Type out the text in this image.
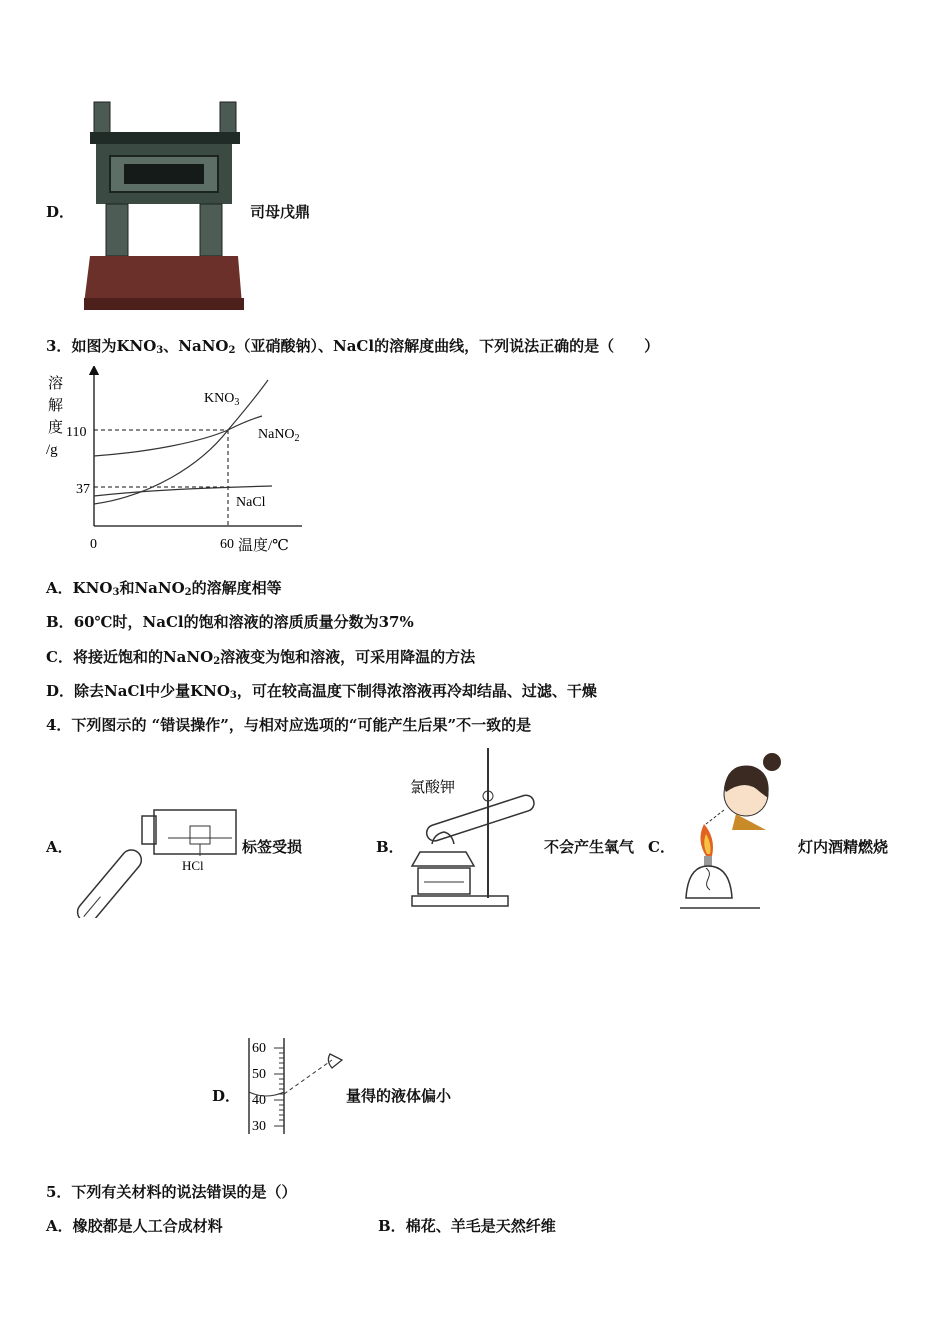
D．	司母戊鼎
3．如图为$KNO_3$、NaNO$_2$（亚硝酸钠）、NaCl的溶解度曲线，下列说法正确的是（　　）
溶
解
度
/g
110
37
0	60 温度/℃
$KNO_3$
NaNO$_2$
NaCl
A．$KNO_3$和NaNO$_2$的溶解度相等
B．60℃时，NaCl的饱和溶液的溶质质量分数为37%
C．将接近饱和的NaNO$_2$溶液变为饱和溶液，可采用降温的方法
D．除去NaCl中少量$KNO_3$，可在较高温度下制得浓溶液再冷却结晶、过滤、干燥
4．下列图示的 “错误操作”，与相对应选项的“可能产生后果”不一致的是
A．
HCl
标签受损	B．
氯酸钾
不会产生氧气 C．	灯内酒精燃烧
D．
60
50
40
30
量得的液体偏小
5．下列有关材料的说法错误的是（）
A．橡胶都是人工合成材料	B．棉花、羊毛是天然纤维
